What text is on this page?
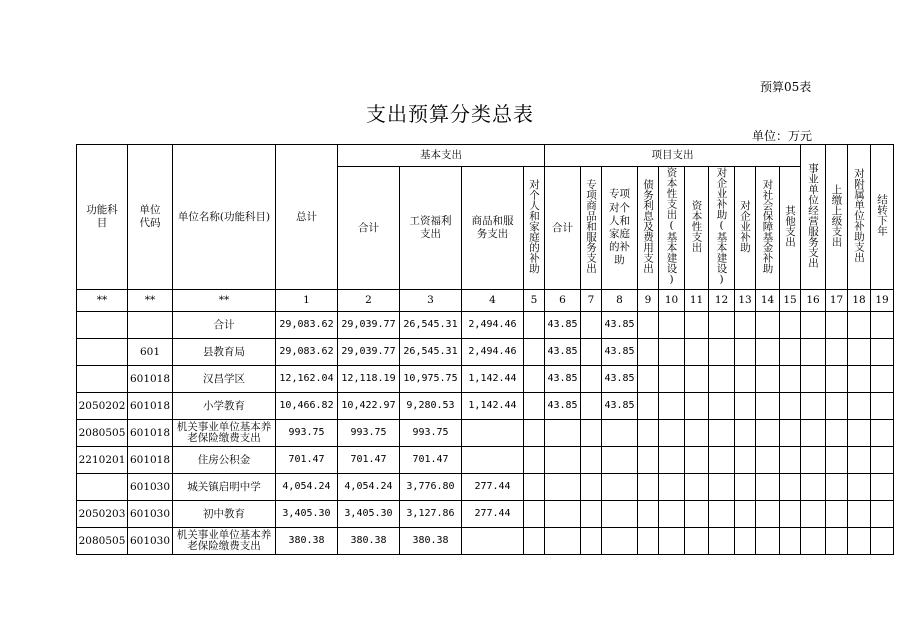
预算05表
支出预算分类总表
单位：万元
功能科目	单位代码	单位名称(功能科目)	总计	基本支出				项目支出										事业单位经营服务支出	上缴上级支出	对附属单位补助支出	结转下年
				合计	工资福利支出	商品和服务支出	对个人和家庭的补助	合计	专项商品和服务支出	专项对个人和家庭的补助	债务利息及费用支出	资本性支出(基本建设)	资本性支出	对企业补助(基本建设)	对企业补助	对社会保障基金补助	其他支出				
**	**	**	1	2	3	4	5	6	7	8	9	10	11	12	13	14	15	16	17	18	19
		合计	29,083.62	29,039.77	26,545.31	2,494.46		43.85		43.85											
	601	县教育局	29,083.62	29,039.77	26,545.31	2,494.46		43.85		43.85											
	601018	汉昌学区	12,162.04	12,118.19	10,975.75	1,142.44		43.85		43.85											
2050202	601018	小学教育	10,466.82	10,422.97	9,280.53	1,142.44		43.85		43.85											
2080505	601018	机关事业单位基本养老保险缴费支出	993.75	993.75	993.75																
2210201	601018	住房公积金	701.47	701.47	701.47																
	601030	城关镇启明中学	4,054.24	4,054.24	3,776.80	277.44															
2050203	601030	初中教育	3,405.30	3,405.30	3,127.86	277.44															
2080505	601030	机关事业单位基本养老保险缴费支出	380.38	380.38	380.38																
